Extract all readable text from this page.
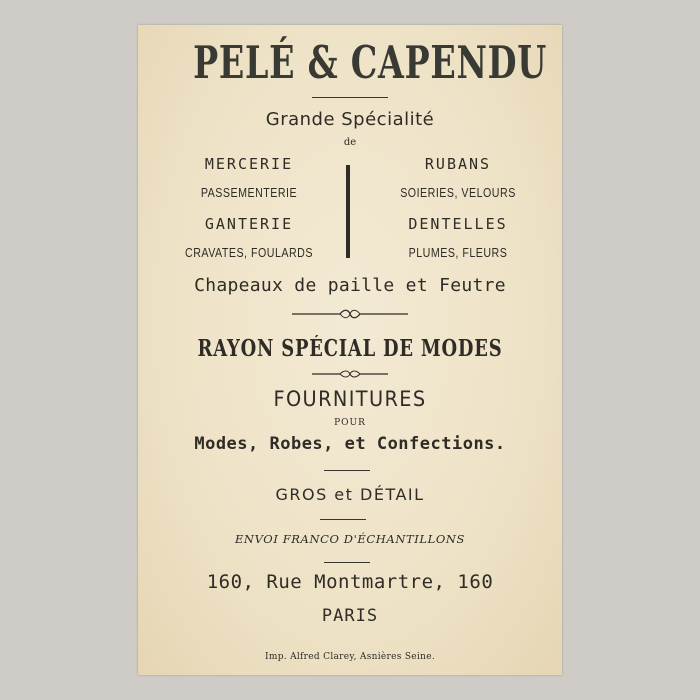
PELÉ & CAPENDU
Grande Spécialité
de
MERCERIE
PASSEMENTERIE
GANTERIE
CRAVATES, FOULARDS
RUBANS
SOIERIES, VELOURS
DENTELLES
PLUMES, FLEURS
Chapeaux de paille et Feutre
RAYON SPÉCIAL DE MODES
FOURNITURES
POUR
Modes, Robes, et Confections.
GROS et DÉTAIL
ENVOI FRANCO D'ÉCHANTILLONS
160, Rue Montmartre, 160
PARIS
Imp. Alfred Clarey, Asnières Seine.
